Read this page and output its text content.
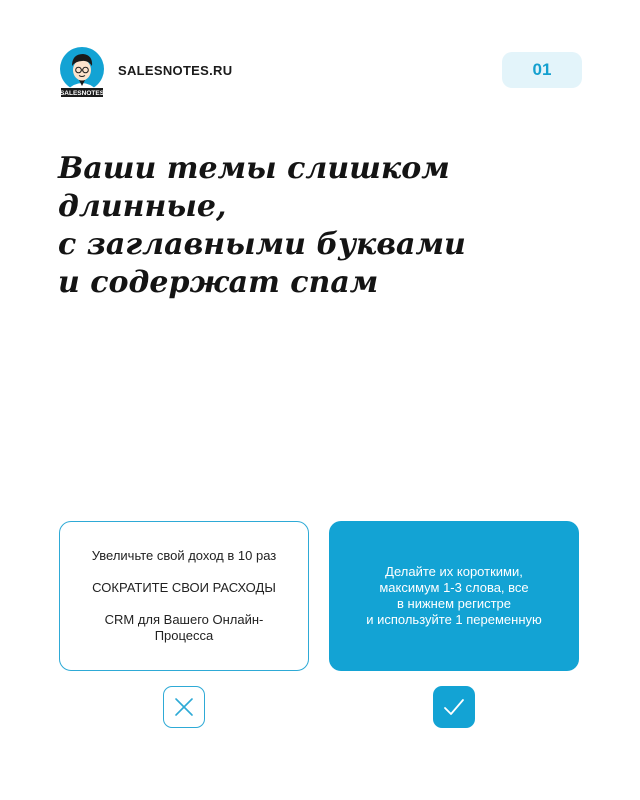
SALESNOTES
SALESNOTES.RU	01
Ваши темы слишком длинные,
с заглавными буквами
и содержат спам
Увеличьте свой доход в 10 раз
СОКРАТИТЕ СВОИ РАСХОДЫ
CRM для Вашего Онлайн-
Процесса
Делайте их короткими,
максимум 1-3 слова, все
в нижнем регистре
и используйте 1 переменную
